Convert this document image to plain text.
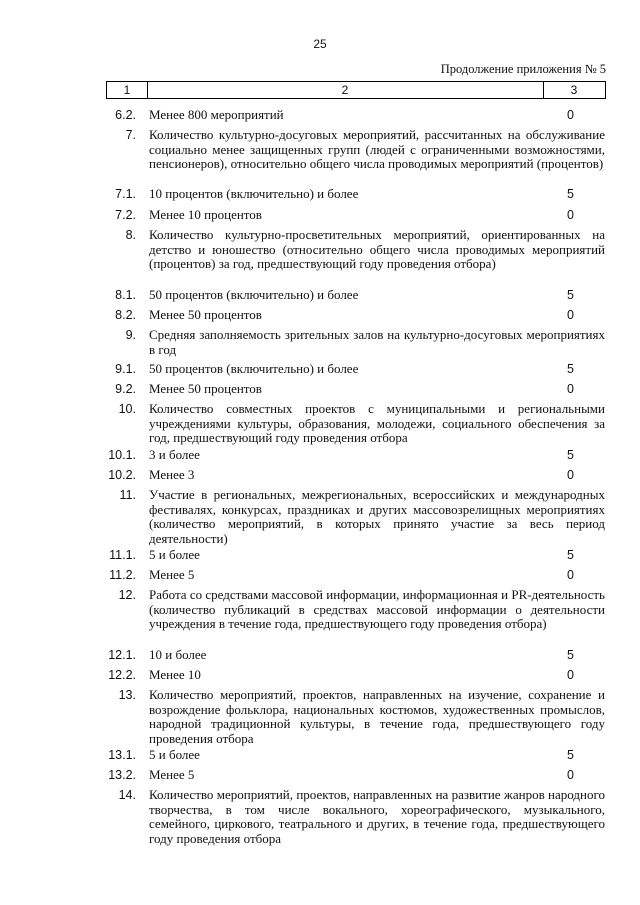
25
Продолжение приложения № 5
1	2	3
6.2. Менее 800 мероприятий	0
7. Количество культурно-досуговых мероприятий, рассчитанных на обслуживание социально менее защищенных групп (людей с ограниченными возможностями, пенсионеров), относительно общего числа проводимых мероприятий (процентов)
7.1. 10 процентов (включительно) и более	5
7.2. Менее 10 процентов	0
8. Количество культурно-просветительных мероприятий, ориентированных на детство и юношество (относительно общего числа проводимых мероприятий (процентов) за год, предшествующий году проведения отбора)
8.1. 50 процентов (включительно) и более	5
8.2. Менее 50 процентов	0
9. Средняя заполняемость зрительных залов на культурно-досуговых мероприятиях в год
9.1. 50 процентов (включительно) и более	5
9.2. Менее 50 процентов	0
10. Количество совместных проектов с муниципальными и региональными учреждениями культуры, образования, молодежи, социального обеспечения за год, предшествующий году проведения отбора
10.1. 3 и более	5
10.2. Менее 3	0
11. Участие в региональных, межрегиональных, всероссийских и международных фестивалях, конкурсах, праздниках и других массовозрелищных мероприятиях (количество мероприятий, в которых принято участие за весь период деятельности)
11.1. 5 и более	5
11.2. Менее 5	0
12. Работа со средствами массовой информации, информационная и PR-деятельность (количество публикаций в средствах массовой информации о деятельности учреждения в течение года, предшествующего году проведения отбора)
12.1. 10 и более	5
12.2. Менее 10	0
13. Количество мероприятий, проектов, направленных на изучение, сохранение и возрождение фольклора, национальных костюмов, художественных промыслов, народной традиционной культуры, в течение года, предшествующего году проведения отбора
13.1. 5 и более	5
13.2. Менее 5	0
14. Количество мероприятий, проектов, направленных на развитие жанров народного творчества, в том числе вокального, хореографического, музыкального, семейного, циркового, театрального и других, в течение года, предшествующего году проведения отбора
